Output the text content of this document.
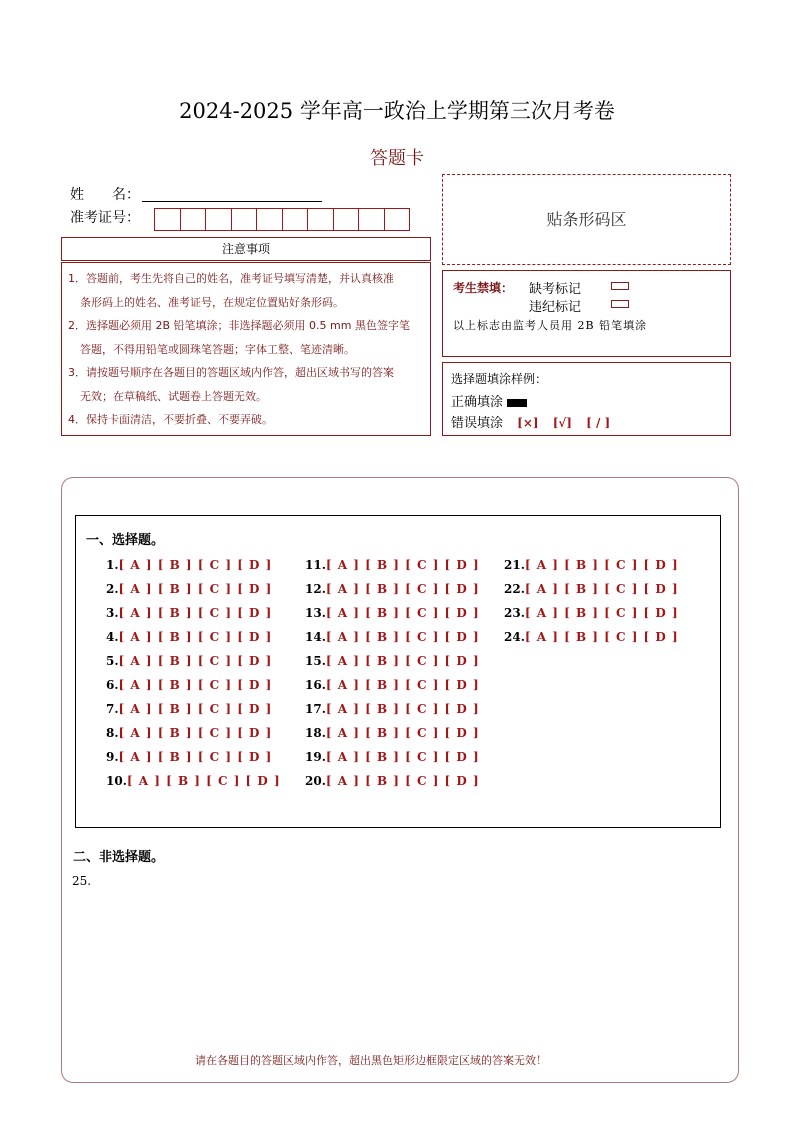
2024-2025 学年高一政治上学期第三次月考卷
答题卡
姓　　名：
准考证号：	贴条形码区
注意事项
1．答题前，考生先将自己的姓名，准考证号填写清楚，并认真核准
条形码上的姓名、准考证号，在规定位置贴好条形码。
2．选择题必须用 2B 铅笔填涂；非选择题必须用 0.5 mm 黑色签字笔
答题，不得用铅笔或圆珠笔答题；字体工整、笔迹清晰。
3．请按题号顺序在各题目的答题区域内作答，超出区域书写的答案
无效；在草稿纸、试题卷上答题无效。
4．保持卡面清洁，不要折叠、不要弄破。
考生禁填： 缺考标记
违纪标记
以上标志由监考人员用 2B 铅笔填涂
选择题填涂样例：
正确填涂
错误填涂 [×] [√] [ / ]
一、选择题。
1.[ A ] [ B ] [ C ] [ D ]
2.[ A ] [ B ] [ C ] [ D ]
3.[ A ] [ B ] [ C ] [ D ]
4.[ A ] [ B ] [ C ] [ D ]
5.[ A ] [ B ] [ C ] [ D ]
6.[ A ] [ B ] [ C ] [ D ]
7.[ A ] [ B ] [ C ] [ D ]
8.[ A ] [ B ] [ C ] [ D ]
9.[ A ] [ B ] [ C ] [ D ]
10.[ A ] [ B ] [ C ] [ D ]
11.[ A ] [ B ] [ C ] [ D ]
12.[ A ] [ B ] [ C ] [ D ]
13.[ A ] [ B ] [ C ] [ D ]
14.[ A ] [ B ] [ C ] [ D ]
15.[ A ] [ B ] [ C ] [ D ]
16.[ A ] [ B ] [ C ] [ D ]
17.[ A ] [ B ] [ C ] [ D ]
18.[ A ] [ B ] [ C ] [ D ]
19.[ A ] [ B ] [ C ] [ D ]
20.[ A ] [ B ] [ C ] [ D ]
21.[ A ] [ B ] [ C ] [ D ]
22.[ A ] [ B ] [ C ] [ D ]
23.[ A ] [ B ] [ C ] [ D ]
24.[ A ] [ B ] [ C ] [ D ]
二、非选择题。
25.
请在各题目的答题区域内作答，超出黑色矩形边框限定区域的答案无效！
